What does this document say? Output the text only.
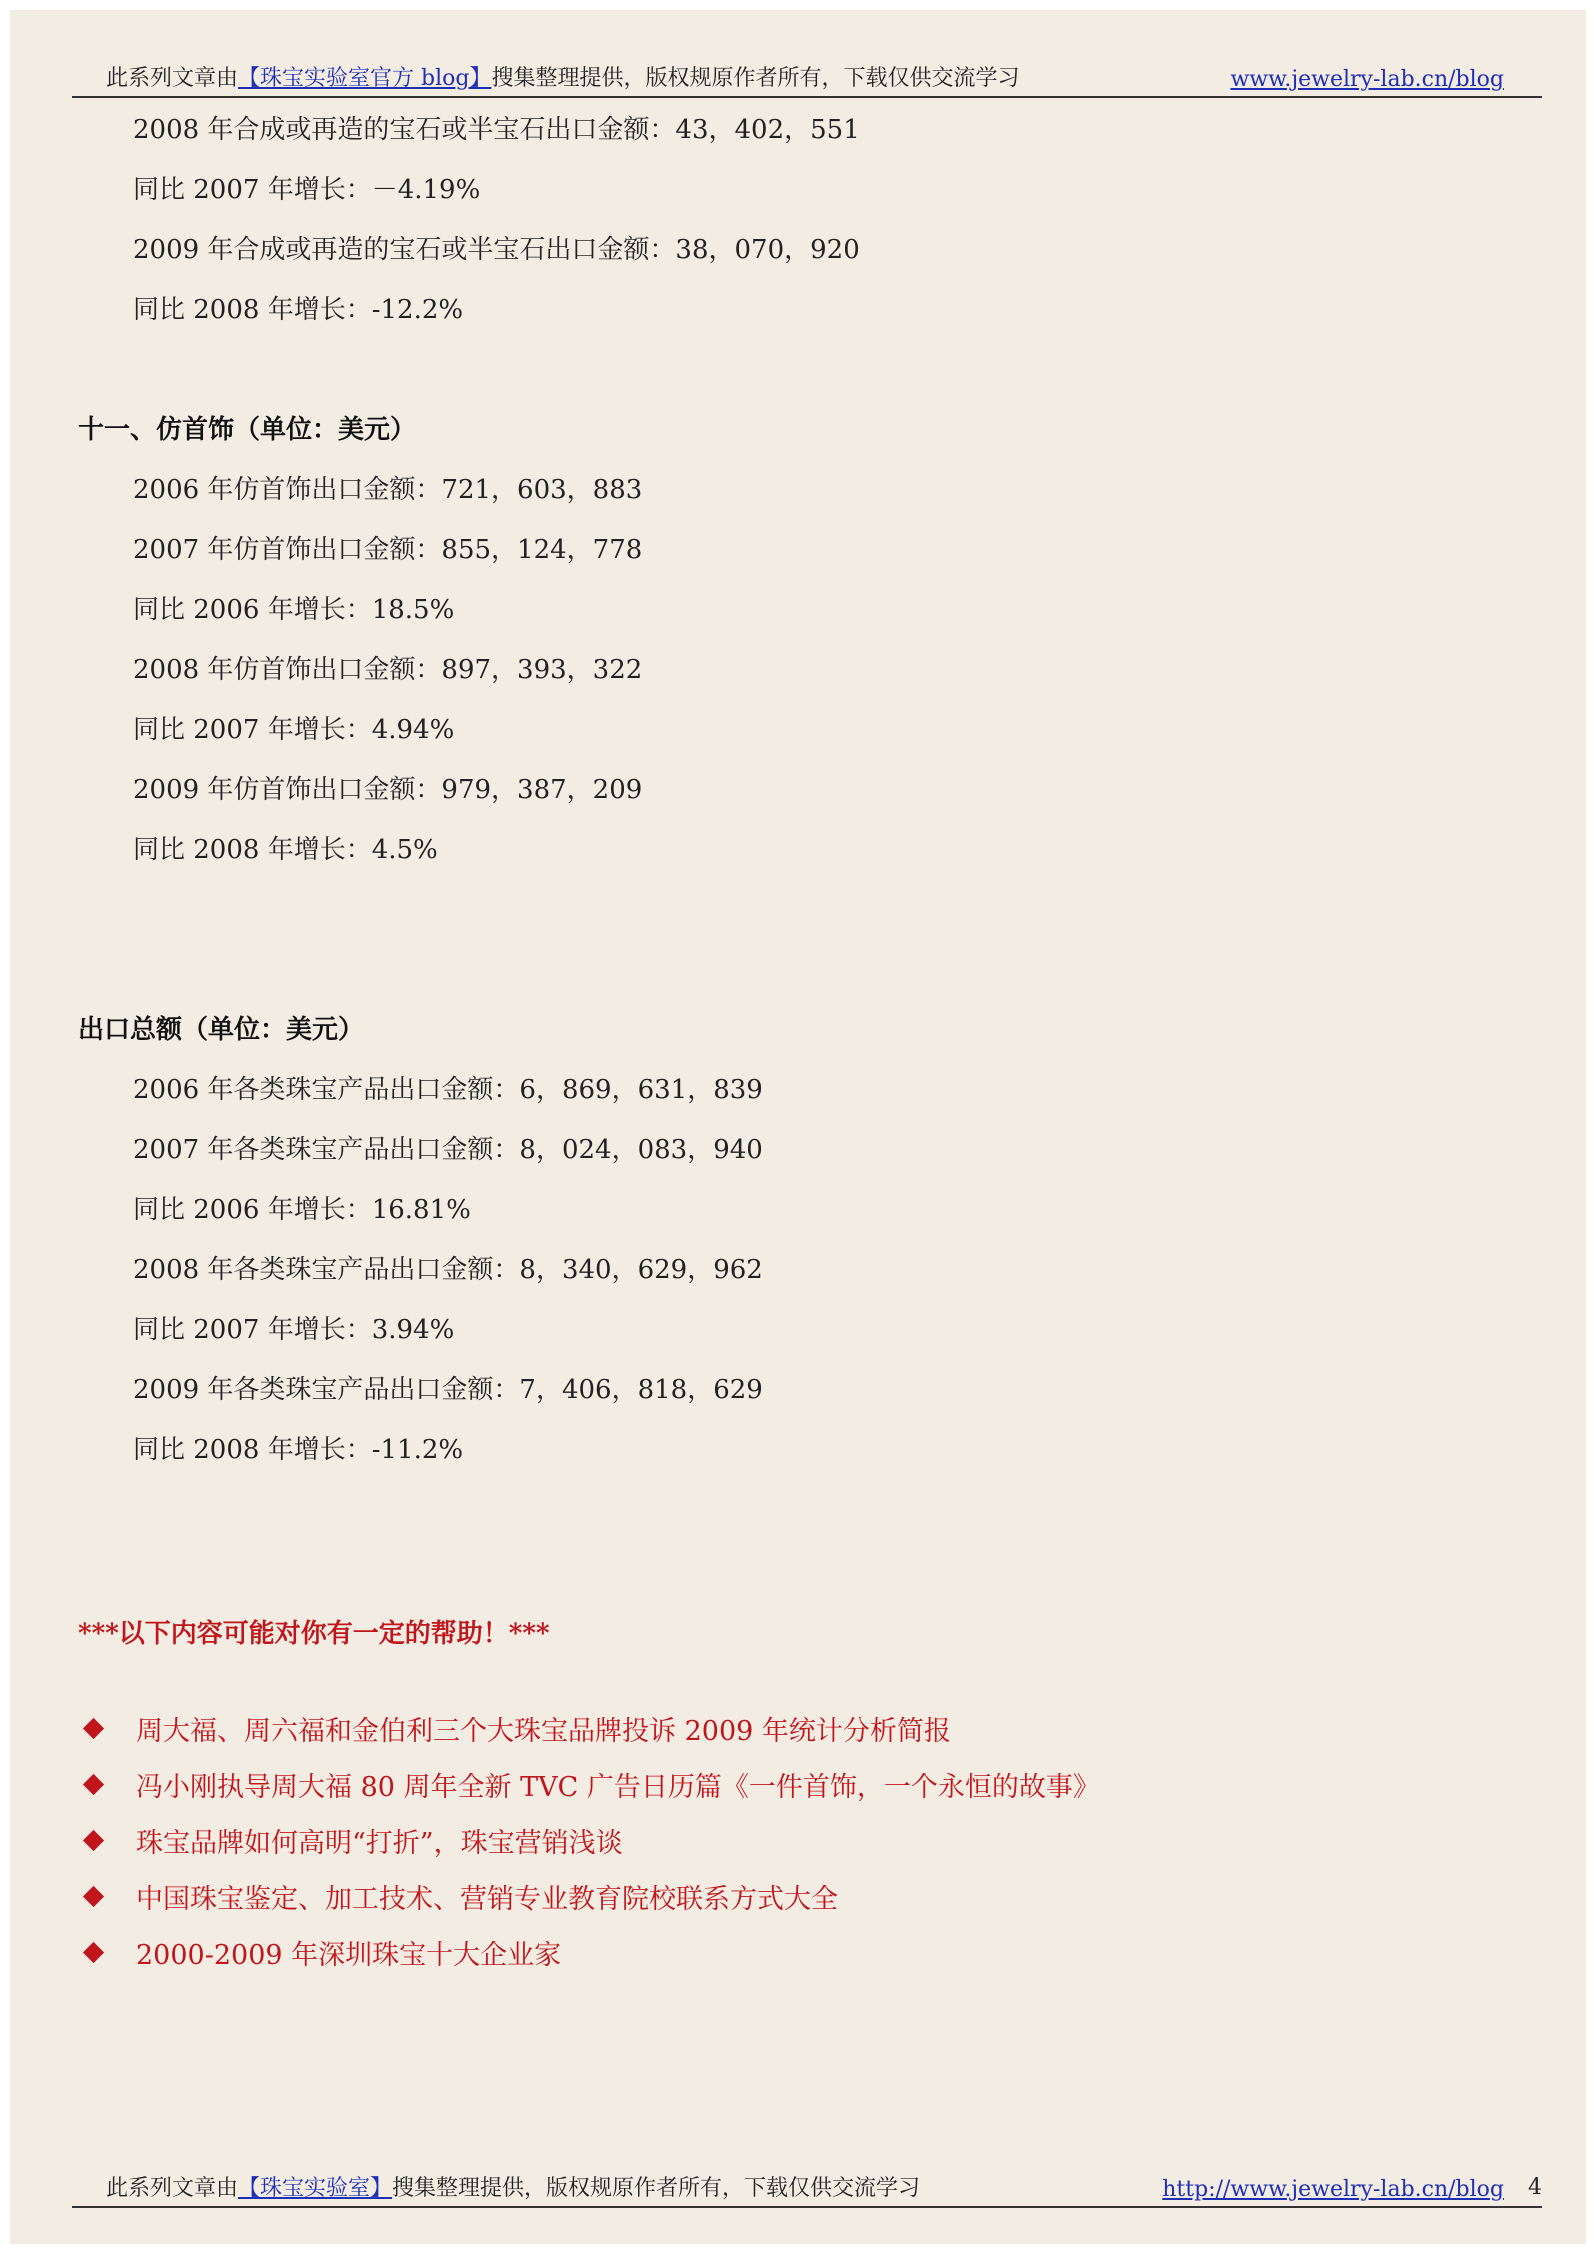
此系列文章由【珠宝实验室官方 blog】搜集整理提供，版权规原作者所有，下载仅供交流学习	www.jewelry-lab.cn/blog
2008 年合成或再造的宝石或半宝石出口金额：43，402，551
同比 2007 年增长：－4.19%
2009 年合成或再造的宝石或半宝石出口金额：38，070，920
同比 2008 年增长：-12.2%
十一、仿首饰（单位：美元）
2006 年仿首饰出口金额：721，603，883
2007 年仿首饰出口金额：855，124，778
同比 2006 年增长：18.5%
2008 年仿首饰出口金额：897，393，322
同比 2007 年增长：4.94%
2009 年仿首饰出口金额：979，387，209
同比 2008 年增长：4.5%
出口总额（单位：美元）
2006 年各类珠宝产品出口金额：6，869，631，839
2007 年各类珠宝产品出口金额：8，024，083，940
同比 2006 年增长：16.81%
2008 年各类珠宝产品出口金额：8，340，629，962
同比 2007 年增长：3.94%
2009 年各类珠宝产品出口金额：7，406，818，629
同比 2008 年增长：-11.2%
***以下内容可能对你有一定的帮助！***
周大福、周六福和金伯利三个大珠宝品牌投诉 2009 年统计分析简报
冯小刚执导周大福 80 周年全新 TVC 广告日历篇《一件首饰，一个永恒的故事》
珠宝品牌如何高明“打折”，珠宝营销浅谈
中国珠宝鉴定、加工技术、营销专业教育院校联系方式大全
2000-2009 年深圳珠宝十大企业家
此系列文章由【珠宝实验室】搜集整理提供，版权规原作者所有，下载仅供交流学习	http://www.jewelry-lab.cn/blog 4
